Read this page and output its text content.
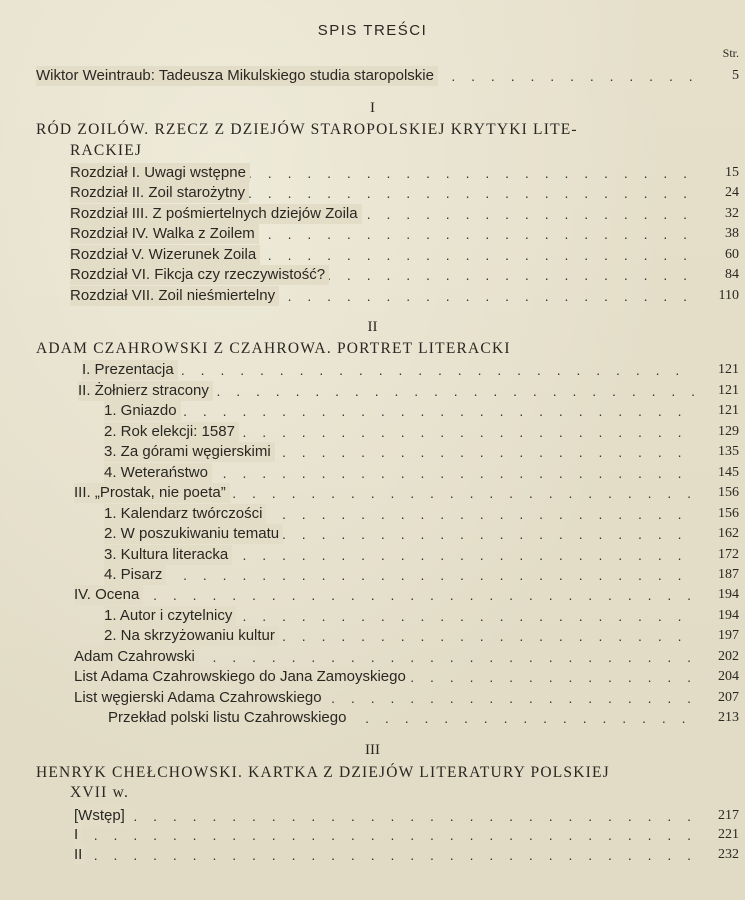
SPIS TREŚCI
Str.
. . .
Wiktor Weintraub: Tadeusza Mikulskiego studia staropolskie	5
I
RÓD ZOILÓW. RZECZ Z DZIEJÓW STAROPOLSKIEJ KRYTYKI LITE-
RACKIEJ
. . .
Rozdział I. Uwagi wstępne	15
. . .
Rozdział II. Zoil starożytny	24
. . .
Rozdział III. Z pośmiertelnych dziejów Zoila	32
. . .
Rozdział IV. Walka z Zoilem	38
. . .
Rozdział V. Wizerunek Zoila	60
. . .
Rozdział VI. Fikcja czy rzeczywistość?	84
. . .
Rozdział VII. Zoil nieśmiertelny	110
II
ADAM CZAHROWSKI Z CZAHROWA. PORTRET LITERACKI
. . .
I. Prezentacja	121
. . .
II. Żołnierz stracony	121
. . .
1. Gniazdo	121
. . .
2. Rok elekcji: 1587	129
. . .
3. Za górami węgierskimi	135
. . .
4. Weteraństwo	145
. . .
III. „Prostak, nie poeta”	156
. . .
1. Kalendarz twórczości	156
. . .
2. W poszukiwaniu tematu	162
. . .
3. Kultura literacka	172
. . .
4. Pisarz	187
. . .
IV. Ocena	194
. . .
1. Autor i czytelnicy	194
. . .
2. Na skrzyżowaniu kultur	197
. . .
Adam Czahrowski	202
. . .
List Adama Czahrowskiego do Jana Zamoyskiego	204
. . .
List węgierski Adama Czahrowskiego	207
. . .
Przekład polski listu Czahrowskiego	213
III
HENRYK CHEŁCHOWSKI. KARTKA Z DZIEJÓW LITERATURY POLSKIEJ
XVII w.
. . .
[Wstęp]	217
. . .
I	221
. . .
II	232
